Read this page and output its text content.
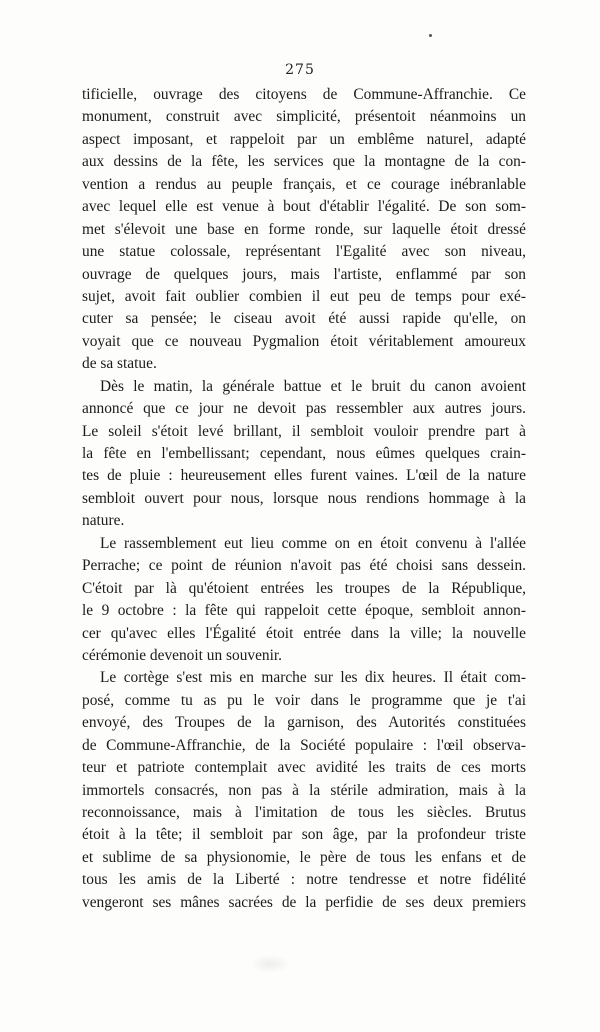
275
tificielle, ouvrage des citoyens de Commune-Affranchie. Ce
monument, construit avec simplicité, présentoit néanmoins un
aspect imposant, et rappeloit par un emblême naturel, adapté
aux dessins de la fête, les services que la montagne de la con-
vention a rendus au peuple français, et ce courage inébranlable
avec lequel elle est venue à bout d'établir l'égalité. De son som-
met s'élevoit une base en forme ronde, sur laquelle étoit dressé
une statue colossale, représentant l'Egalité avec son niveau,
ouvrage de quelques jours, mais l'artiste, enflammé par son
sujet, avoit fait oublier combien il eut peu de temps pour exé-
cuter sa pensée; le ciseau avoit été aussi rapide qu'elle, on
voyait que ce nouveau Pygmalion étoit véritablement amoureux
de sa statue.
Dès le matin, la générale battue et le bruit du canon avoient
annoncé que ce jour ne devoit pas ressembler aux autres jours.
Le soleil s'étoit levé brillant, il sembloit vouloir prendre part à
la fête en l'embellissant; cependant, nous eûmes quelques crain-
tes de pluie : heureusement elles furent vaines. L'œil de la nature
sembloit ouvert pour nous, lorsque nous rendions hommage à la
nature.
Le rassemblement eut lieu comme on en étoit convenu à l'allée
Perrache; ce point de réunion n'avoit pas été choisi sans dessein.
C'étoit par là qu'étoient entrées les troupes de la République,
le 9 octobre : la fête qui rappeloit cette époque, sembloit annon-
cer qu'avec elles l'Égalité étoit entrée dans la ville; la nouvelle
cérémonie devenoit un souvenir.
Le cortège s'est mis en marche sur les dix heures. Il était com-
posé, comme tu as pu le voir dans le programme que je t'ai
envoyé, des Troupes de la garnison, des Autorités constituées
de Commune-Affranchie, de la Société populaire : l'œil observa-
teur et patriote contemplait avec avidité les traits de ces morts
immortels consacrés, non pas à la stérile admiration, mais à la
reconnoissance, mais à l'imitation de tous les siècles. Brutus
étoit à la tête; il sembloit par son âge, par la profondeur triste
et sublime de sa physionomie, le père de tous les enfans et de
tous les amis de la Liberté : notre tendresse et notre fidélité
vengeront ses mânes sacrées de la perfidie de ses deux premiers
